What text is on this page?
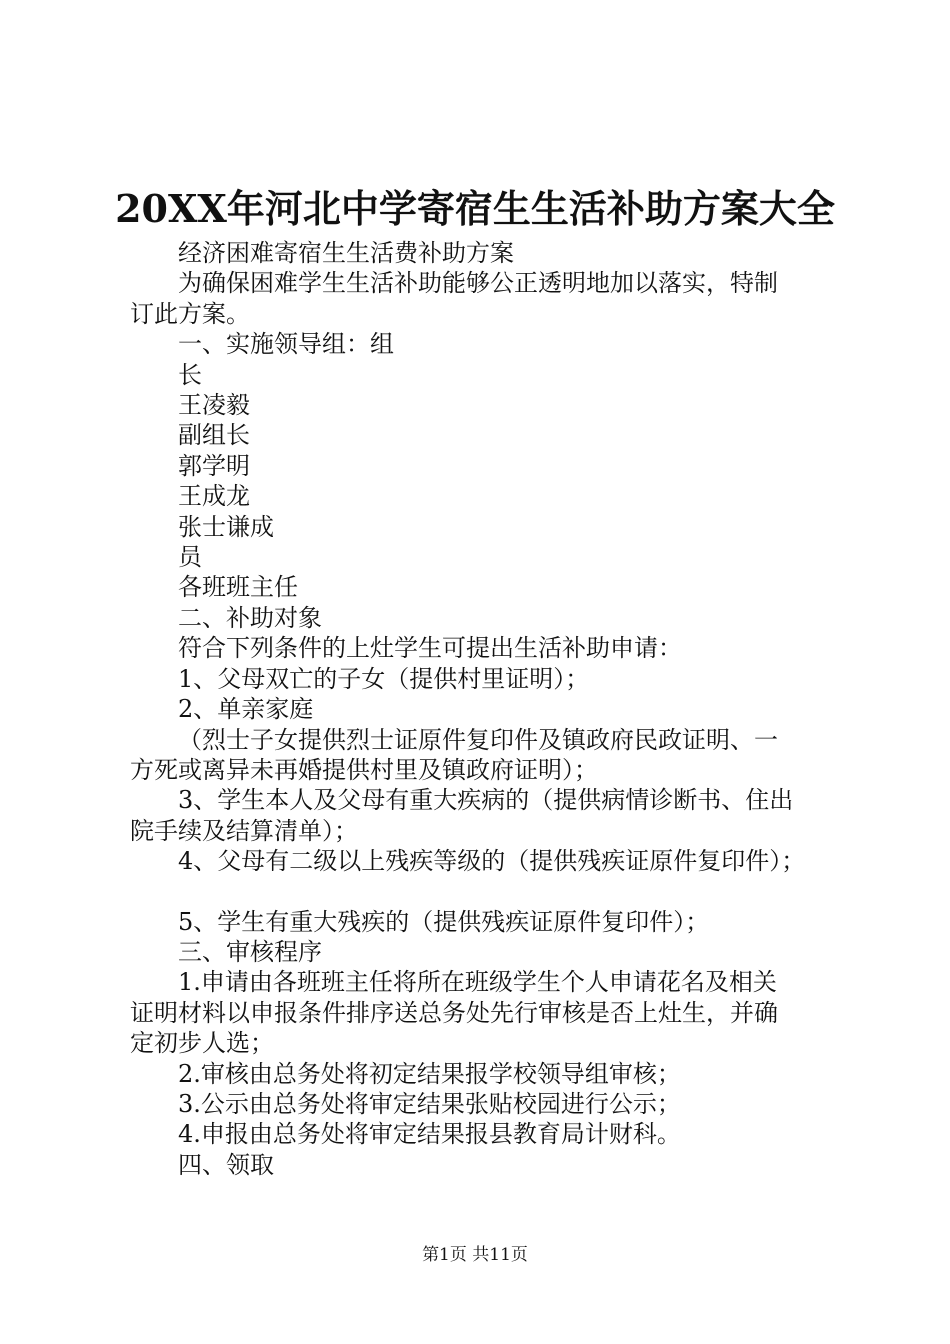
20XX年河北中学寄宿生生活补助方案大全

经济困难寄宿生生活费补助方案

为确保困难学生生活补助能够公正透明地加以落实，特制

订此方案。

一、实施领导组：组

长

王凌毅

副组长

郭学明

王成龙

张士谦成

员

各班班主任

二、补助对象

符合下列条件的上灶学生可提出生活补助申请：

1、父母双亡的子女（提供村里证明）；

2、单亲家庭

（烈士子女提供烈士证原件复印件及镇政府民政证明、一

方死或离异未再婚提供村里及镇政府证明）；

3、学生本人及父母有重大疾病的（提供病情诊断书、住出

院手续及结算清单）；

4、父母有二级以上残疾等级的（提供残疾证原件复印件）；

5、学生有重大残疾的（提供残疾证原件复印件）；

三、审核程序

1.申请由各班班主任将所在班级学生个人申请花名及相关

证明材料以申报条件排序送总务处先行审核是否上灶生，并确

定初步人选；

2.审核由总务处将初定结果报学校领导组审核；

3.公示由总务处将审定结果张贴校园进行公示；

4.申报由总务处将审定结果报县教育局计财科。

四、领取

第1页 共11页
